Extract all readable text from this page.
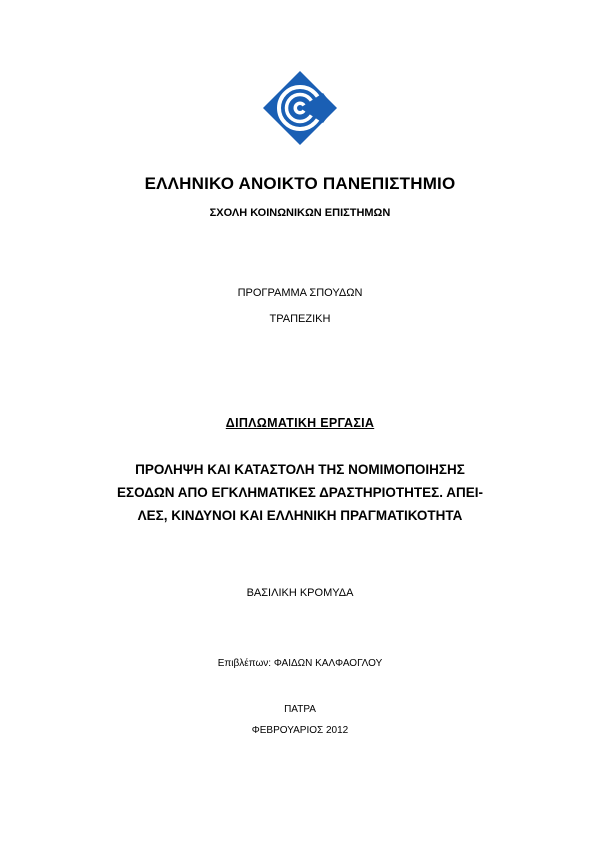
ΕΛΛΗΝΙΚΟ ΑΝΟΙΚΤΟ ΠΑΝΕΠΙΣΤΗΜΙΟ
ΣΧΟΛΗ ΚΟΙΝΩΝΙΚΩΝ ΕΠΙΣΤΗΜΩΝ
ΠΡΟΓΡΑΜΜΑ ΣΠΟΥΔΩΝ
ΤΡΑΠΕΖΙΚΗ
ΔΙΠΛΩΜΑΤΙΚΗ ΕΡΓΑΣΙΑ
ΠΡΟΛΗΨΗ ΚΑΙ ΚΑΤΑΣΤΟΛΗ ΤΗΣ ΝΟΜΙΜΟΠΟΙΗΣΗΣ
ΕΣΟΔΩΝ ΑΠΟ ΕΓΚΛΗΜΑΤΙΚΕΣ ΔΡΑΣΤΗΡΙΟΤΗΤΕΣ. ΑΠΕΙ-
ΛΕΣ, ΚΙΝΔΥΝΟΙ ΚΑΙ ΕΛΛΗΝΙΚΗ ΠΡΑΓΜΑΤΙΚΟΤΗΤΑ
ΒΑΣΙΛΙΚΗ ΚΡΟΜΥΔΑ
Επιβλέπων: ΦΑΙΔΩΝ ΚΑΛΦΑΟΓΛΟΥ
ΠΑΤΡΑ
ΦΕΒΡΟΥΑΡΙΟΣ 2012
